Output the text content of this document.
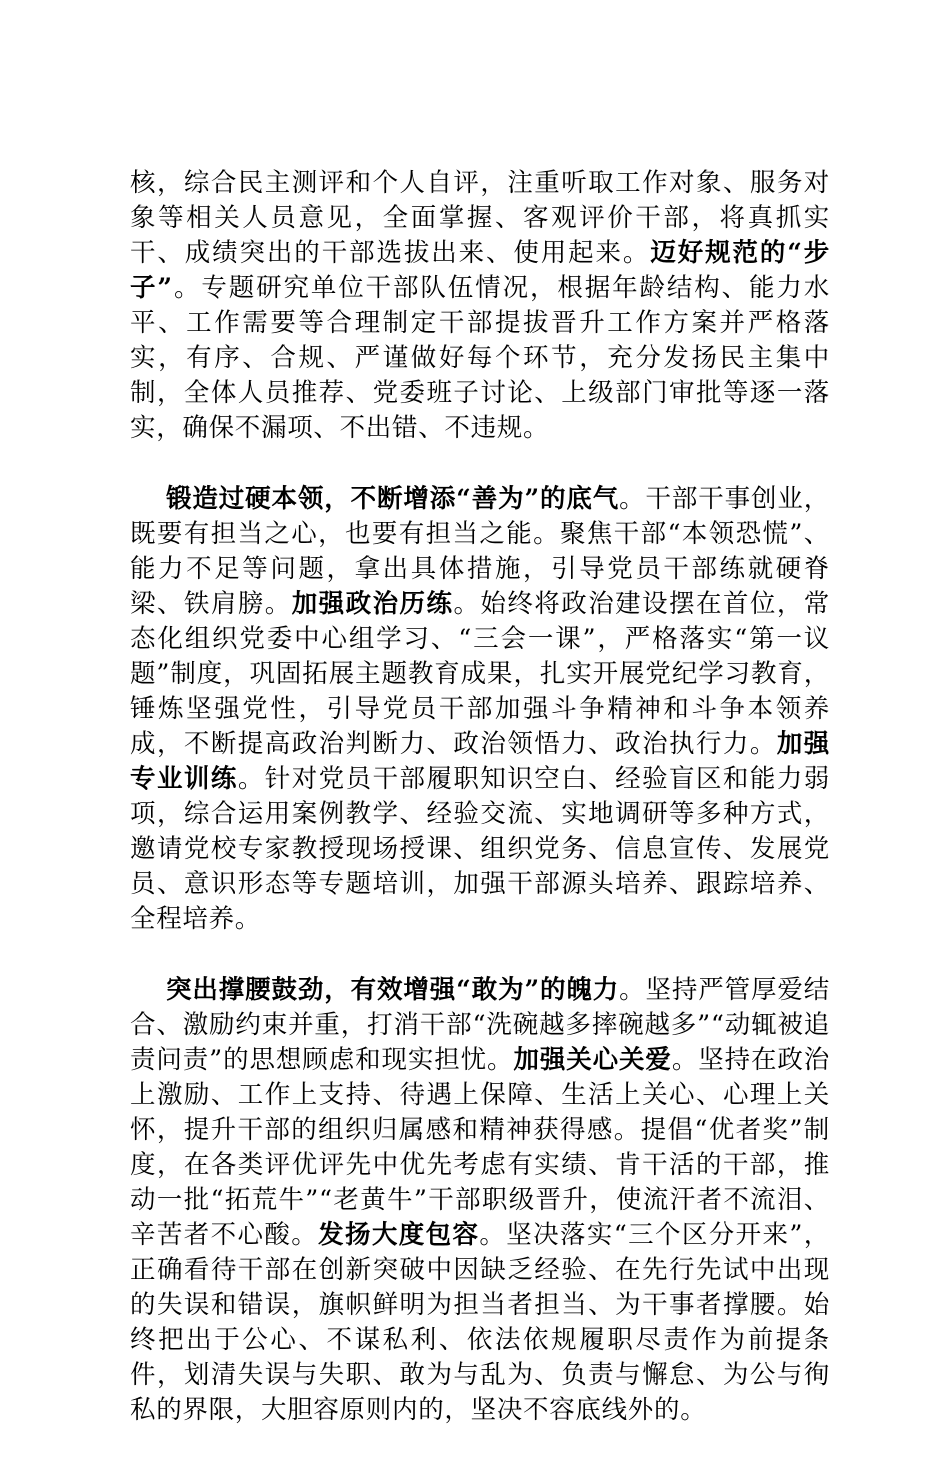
核，综合民主测评和个人自评，注重听取工作对象、服务对象等相关人员意见，全面掌握、客观评价干部，将真抓实干、成绩突出的干部选拔出来、使用起来。迈好规范的“步子”。专题研究单位干部队伍情况，根据年龄结构、能力水平、工作需要等合理制定干部提拔晋升工作方案并严格落实，有序、合规、严谨做好每个环节，充分发扬民主集中制，全体人员推荐、党委班子讨论、上级部门审批等逐一落实，确保不漏项、不出错、不违规。

锻造过硬本领，不断增添“善为”的底气。干部干事创业，既要有担当之心，也要有担当之能。聚焦干部“本领恐慌”、能力不足等问题，拿出具体措施，引导党员干部练就硬脊梁、铁肩膀。加强政治历练。始终将政治建设摆在首位，常态化组织党委中心组学习、“三会一课”，严格落实“第一议题”制度，巩固拓展主题教育成果，扎实开展党纪学习教育，锤炼坚强党性，引导党员干部加强斗争精神和斗争本领养成，不断提高政治判断力、政治领悟力、政治执行力。加强专业训练。针对党员干部履职知识空白、经验盲区和能力弱项，综合运用案例教学、经验交流、实地调研等多种方式，邀请党校专家教授现场授课、组织党务、信息宣传、发展党员、意识形态等专题培训，加强干部源头培养、跟踪培养、全程培养。

突出撑腰鼓劲，有效增强“敢为”的魄力。坚持严管厚爱结合、激励约束并重，打消干部“洗碗越多摔碗越多”“动辄被追责问责”的思想顾虑和现实担忧。加强关心关爱。坚持在政治上激励、工作上支持、待遇上保障、生活上关心、心理上关怀，提升干部的组织归属感和精神获得感。提倡“优者奖”制度，在各类评优评先中优先考虑有实绩、肯干活的干部，推动一批“拓荒牛”“老黄牛”干部职级晋升，使流汗者不流泪、辛苦者不心酸。发扬大度包容。坚决落实“三个区分开来”，正确看待干部在创新突破中因缺乏经验、在先行先试中出现的失误和错误，旗帜鲜明为担当者担当、为干事者撑腰。始终把出于公心、不谋私利、依法依规履职尽责作为前提条件，划清失误与失职、敢为与乱为、负责与懈怠、为公与徇私的界限，大胆容原则内的，坚决不容底线外的。
